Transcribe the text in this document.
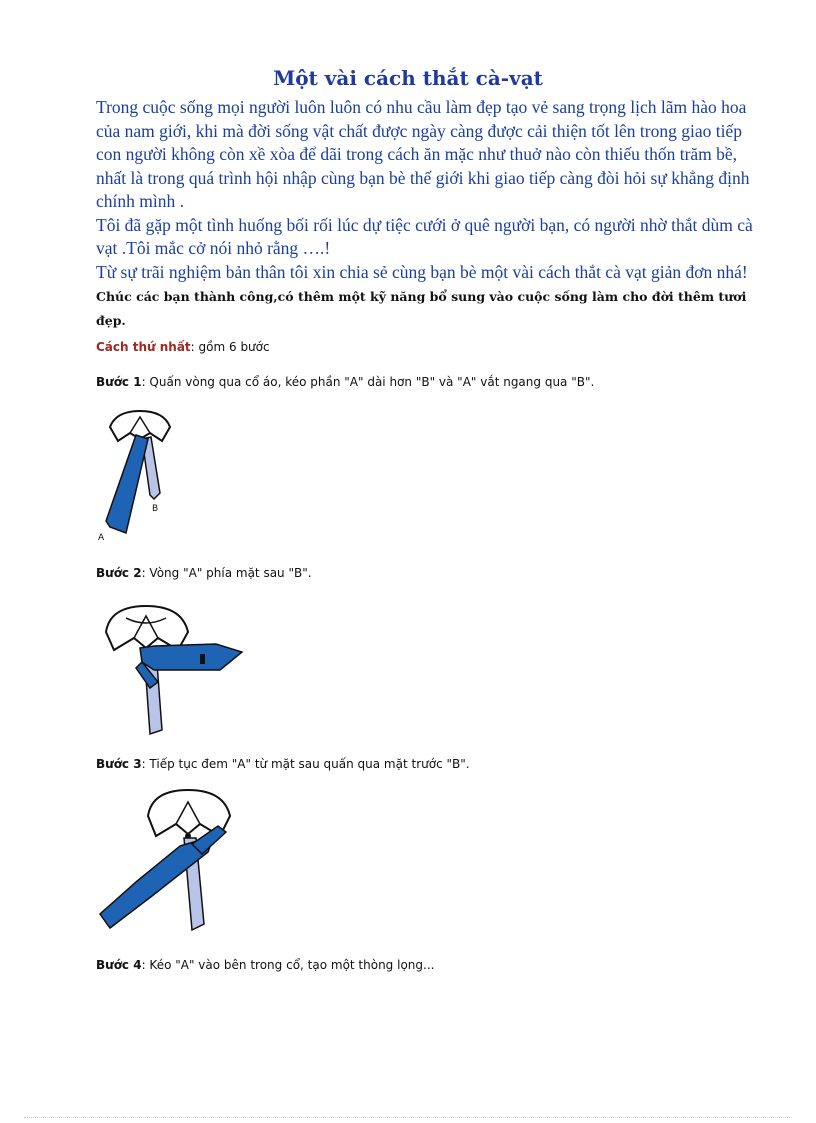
Một vài cách thắt cà-vạt

Trong cuộc sống mọi người luôn luôn có nhu cầu làm đẹp tạo vẻ sang trọng lịch lãm hào hoa của nam giới, khi mà đời sống vật chất được ngày càng được cải thiện tốt lên trong giao tiếp con người không còn xề xòa để dãi trong cách ăn mặc như thuở nào còn thiếu thốn trăm bề, nhất là trong quá trình hội nhập cùng bạn bè thế giới khi giao tiếp càng đòi hỏi sự khẳng định chính mình .

Tôi đã gặp một tình huống bối rối lúc dự tiệc cưới ở quê người bạn, có người nhờ thắt dùm cà vạt .Tôi mắc cở nói nhỏ rằng ….!

Từ sự trãi nghiệm bản thân tôi xin chia sẻ cùng bạn bè một vài cách thắt cà vạt giản đơn nhá! Chúc các bạn thành công,có thêm một kỹ năng bổ sung vào cuộc sống làm cho đời thêm tươi đẹp.

Cách thứ nhất: gồm 6 bước

Bước 1: Quấn vòng qua cổ áo, kéo phần "A" dài hơn "B" và "A" vắt ngang qua "B".

B
A

Bước 2: Vòng "A" phía mặt sau "B".

Bước 3: Tiếp tục đem "A" từ mặt sau quấn qua mặt trước "B".

Bước 4: Kéo "A" vào bên trong cổ, tạo một thòng lọng...
